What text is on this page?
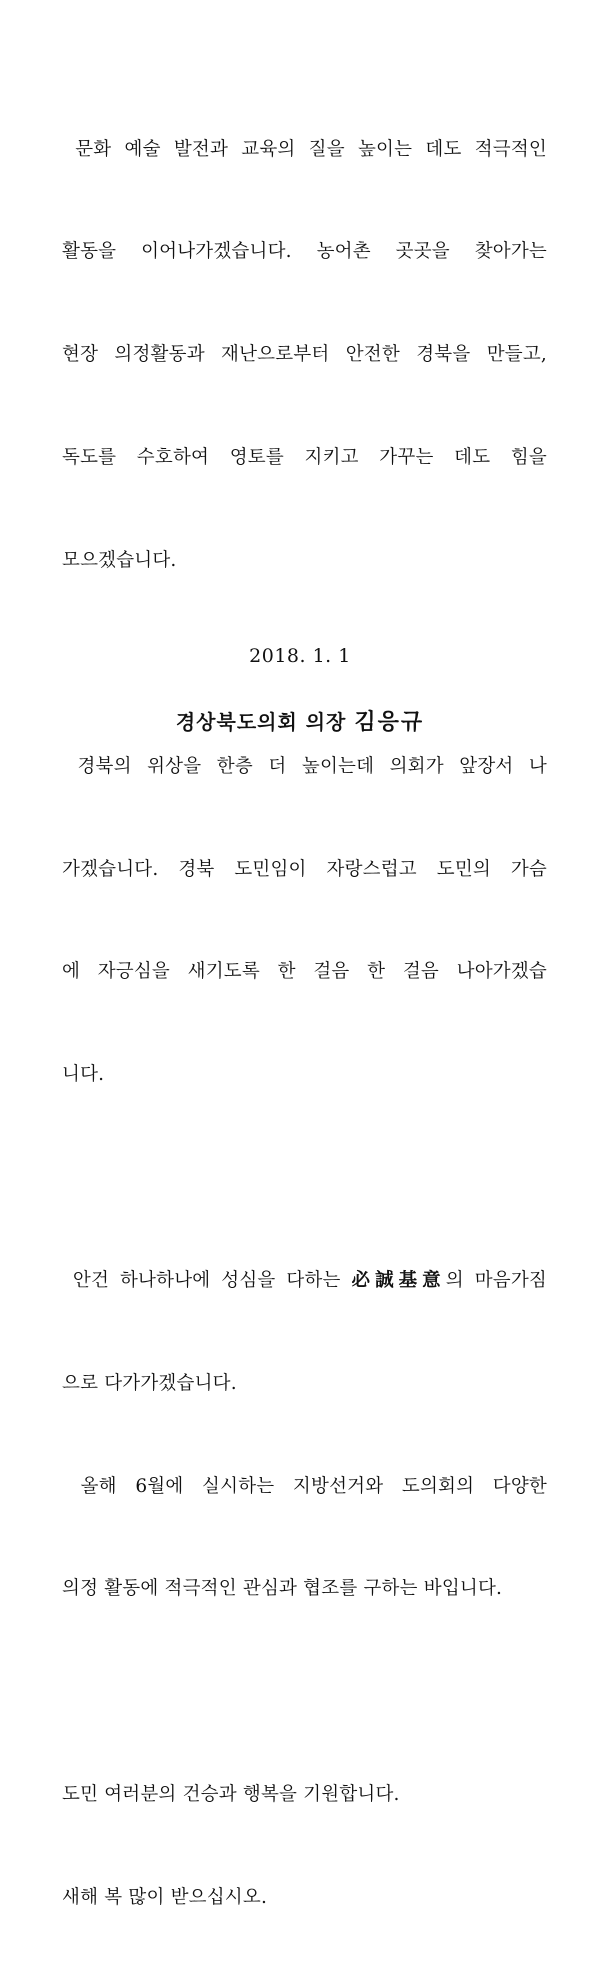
문화 예술 발전과 교육의 질을 높이는 데도 적극적인

활동을 이어나가겠습니다. 농어촌 곳곳을 찾아가는

현장 의정활동과 재난으로부터 안전한 경북을 만들고,

독도를 수호하여 영토를 지키고 가꾸는 데도 힘을

모으겠습니다.

경북의 위상을 한층 더 높이는데 의회가 앞장서 나

가겠습니다. 경북 도민임이 자랑스럽고 도민의 가슴

에 자긍심을 새기도록 한 걸음 한 걸음 나아가겠습

니다.

안건 하나하나에 성심을 다하는 必誠基意의 마음가짐

으로 다가가겠습니다.

올해 6월에 실시하는 지방선거와 도의회의 다양한

의정 활동에 적극적인 관심과 협조를 구하는 바입니다.

도민 여러분의 건승과 행복을 기원합니다.

새해 복 많이 받으십시오.

2018. 1. 1
경상북도의회 의장 김응규
